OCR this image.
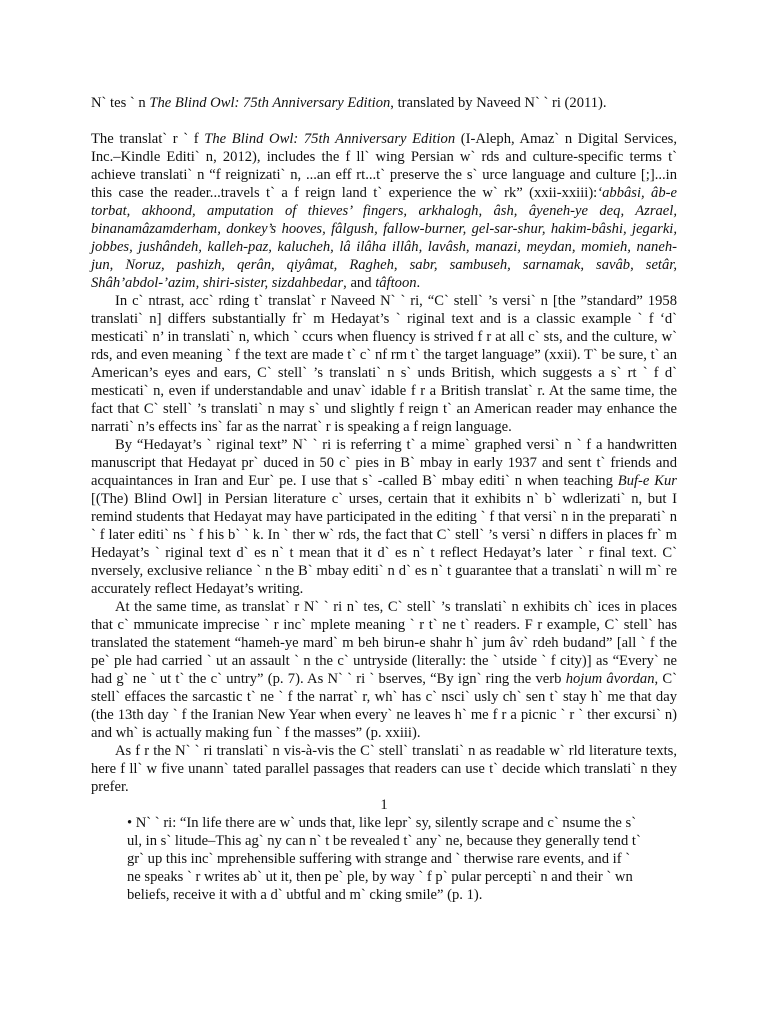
N` tes ` n The Blind Owl: 75th Anniversary Edition, translated by Naveed N` ` ri (2011).

The translat` r ` f The Blind Owl: 75th Anniversary Edition (I-Aleph, Amaz` n Digital Services, Inc.–Kindle Editi` n, 2012), includes the f ll` wing Persian w` rds and culture-specific terms t` achieve translati` n “f reignizati` n, ...an eff rt...t` preserve the s` urce language and culture [;]...in this case the reader...travels t` a f reign land t` experience the w` rk” (xxii-xxiii):‘abbâsi, âb-e torbat, akhoond, amputation of thieves’ fingers, arkhalogh, âsh, âyeneh-ye deq, Azrael, binanamâzamderham, donkey’s hooves, fâlgush, fallow-burner, gel-sar-shur, hakim-bâshi, jegarki, jobbes, jushândeh, kalleh-paz, kalucheh, lâ ilâha illâh, lavâsh, manazi, meydan, momieh, naneh-jun, Noruz, pashizh, qerân, qiyâmat, Ragheh, sabr, sambuseh, sarnamak, savâb, setâr, Shâh’abdol-’azim, shiri-sister, sizdahbedar, and tâftoon.

In c` ntrast, acc` rding t` translat` r Naveed N` ` ri, “C` stell` ’s versi` n [the ”standard” 1958 translati` n] differs substantially fr` m Hedayat’s ` riginal text and is a classic example ` f ‘d` mesticati` n’ in translati` n, which ` ccurs when fluency is strived f r at all c` sts, and the culture, w` rds, and even meaning ` f the text are made t` c` nf rm t` the target language” (xxii). T` be sure, t` an American’s eyes and ears, C` stell` ’s translati` n s` unds British, which suggests a s` rt ` f d` mesticati` n, even if understandable and unav` idable f r a British translat` r. At the same time, the fact that C` stell` ’s translati` n may s` und slightly f reign t` an American reader may enhance the narrati` n’s effects ins` far as the narrat` r is speaking a f reign language.

By “Hedayat’s ` riginal text” N` ` ri is referring t` a mime` graphed versi` n ` f a handwritten manuscript that Hedayat pr` duced in 50 c` pies in B` mbay in early 1937 and sent t` friends and acquaintances in Iran and Eur` pe. I use that s` -called B` mbay editi` n when teaching Buf-e Kur [(The) Blind Owl] in Persian literature c` urses, certain that it exhibits n` b` wdlerizati` n, but I remind students that Hedayat may have participated in the editing ` f that versi` n in the preparati` n ` f later editi` ns ` f his b` ` k. In ` ther w` rds, the fact that C` stell` ’s versi` n differs in places fr` m Hedayat’s ` riginal text d` es n` t mean that it d` es n` t reflect Hedayat’s later ` r final text. C` nversely, exclusive reliance ` n the B` mbay editi` n d` es n` t guarantee that a translati` n will m` re accurately reflect Hedayat’s writing.

At the same time, as translat` r N` ` ri n` tes, C` stell` ’s translati` n exhibits ch` ices in places that c` mmunicate imprecise ` r inc` mplete meaning ` r t` ne t` readers. F r example, C` stell` has translated the statement “hameh-ye mard` m beh birun-e shahr h` jum âv` rdeh budand” [all ` f the pe` ple had carried ` ut an assault ` n the c` untryside (literally: the ` utside ` f city)] as “Every` ne had g` ne ` ut t` the c` untry” (p. 7). As N` ` ri ` bserves, “By ign` ring the verb hojum âvordan, C` stell` effaces the sarcastic t` ne ` f the narrat` r, wh` has c` nsci` usly ch` sen t` stay h` me that day (the 13th day ` f the Iranian New Year when every` ne leaves h` me f r a picnic ` r ` ther excursi` n) and wh` is actually making fun ` f the masses” (p. xxiii).

As f r the N` ` ri translati` n vis-à-vis the C` stell` translati` n as readable w` rld literature texts, here f ll` w five unann` tated parallel passages that readers can use t` decide which translati` n they prefer.

1

• N` ` ri: “In life there are w` unds that, like lepr` sy, silently scrape and c` nsume the s` ul, in s` litude–This ag` ny can n` t be revealed t` any` ne, because they generally tend t` gr` up this inc` mprehensible suffering with strange and ` therwise rare events, and if ` ne speaks ` r writes ab` ut it, then pe` ple, by way ` f p` pular percepti` n and their ` wn beliefs, receive it with a d` ubtful and m` cking smile” (p. 1).
